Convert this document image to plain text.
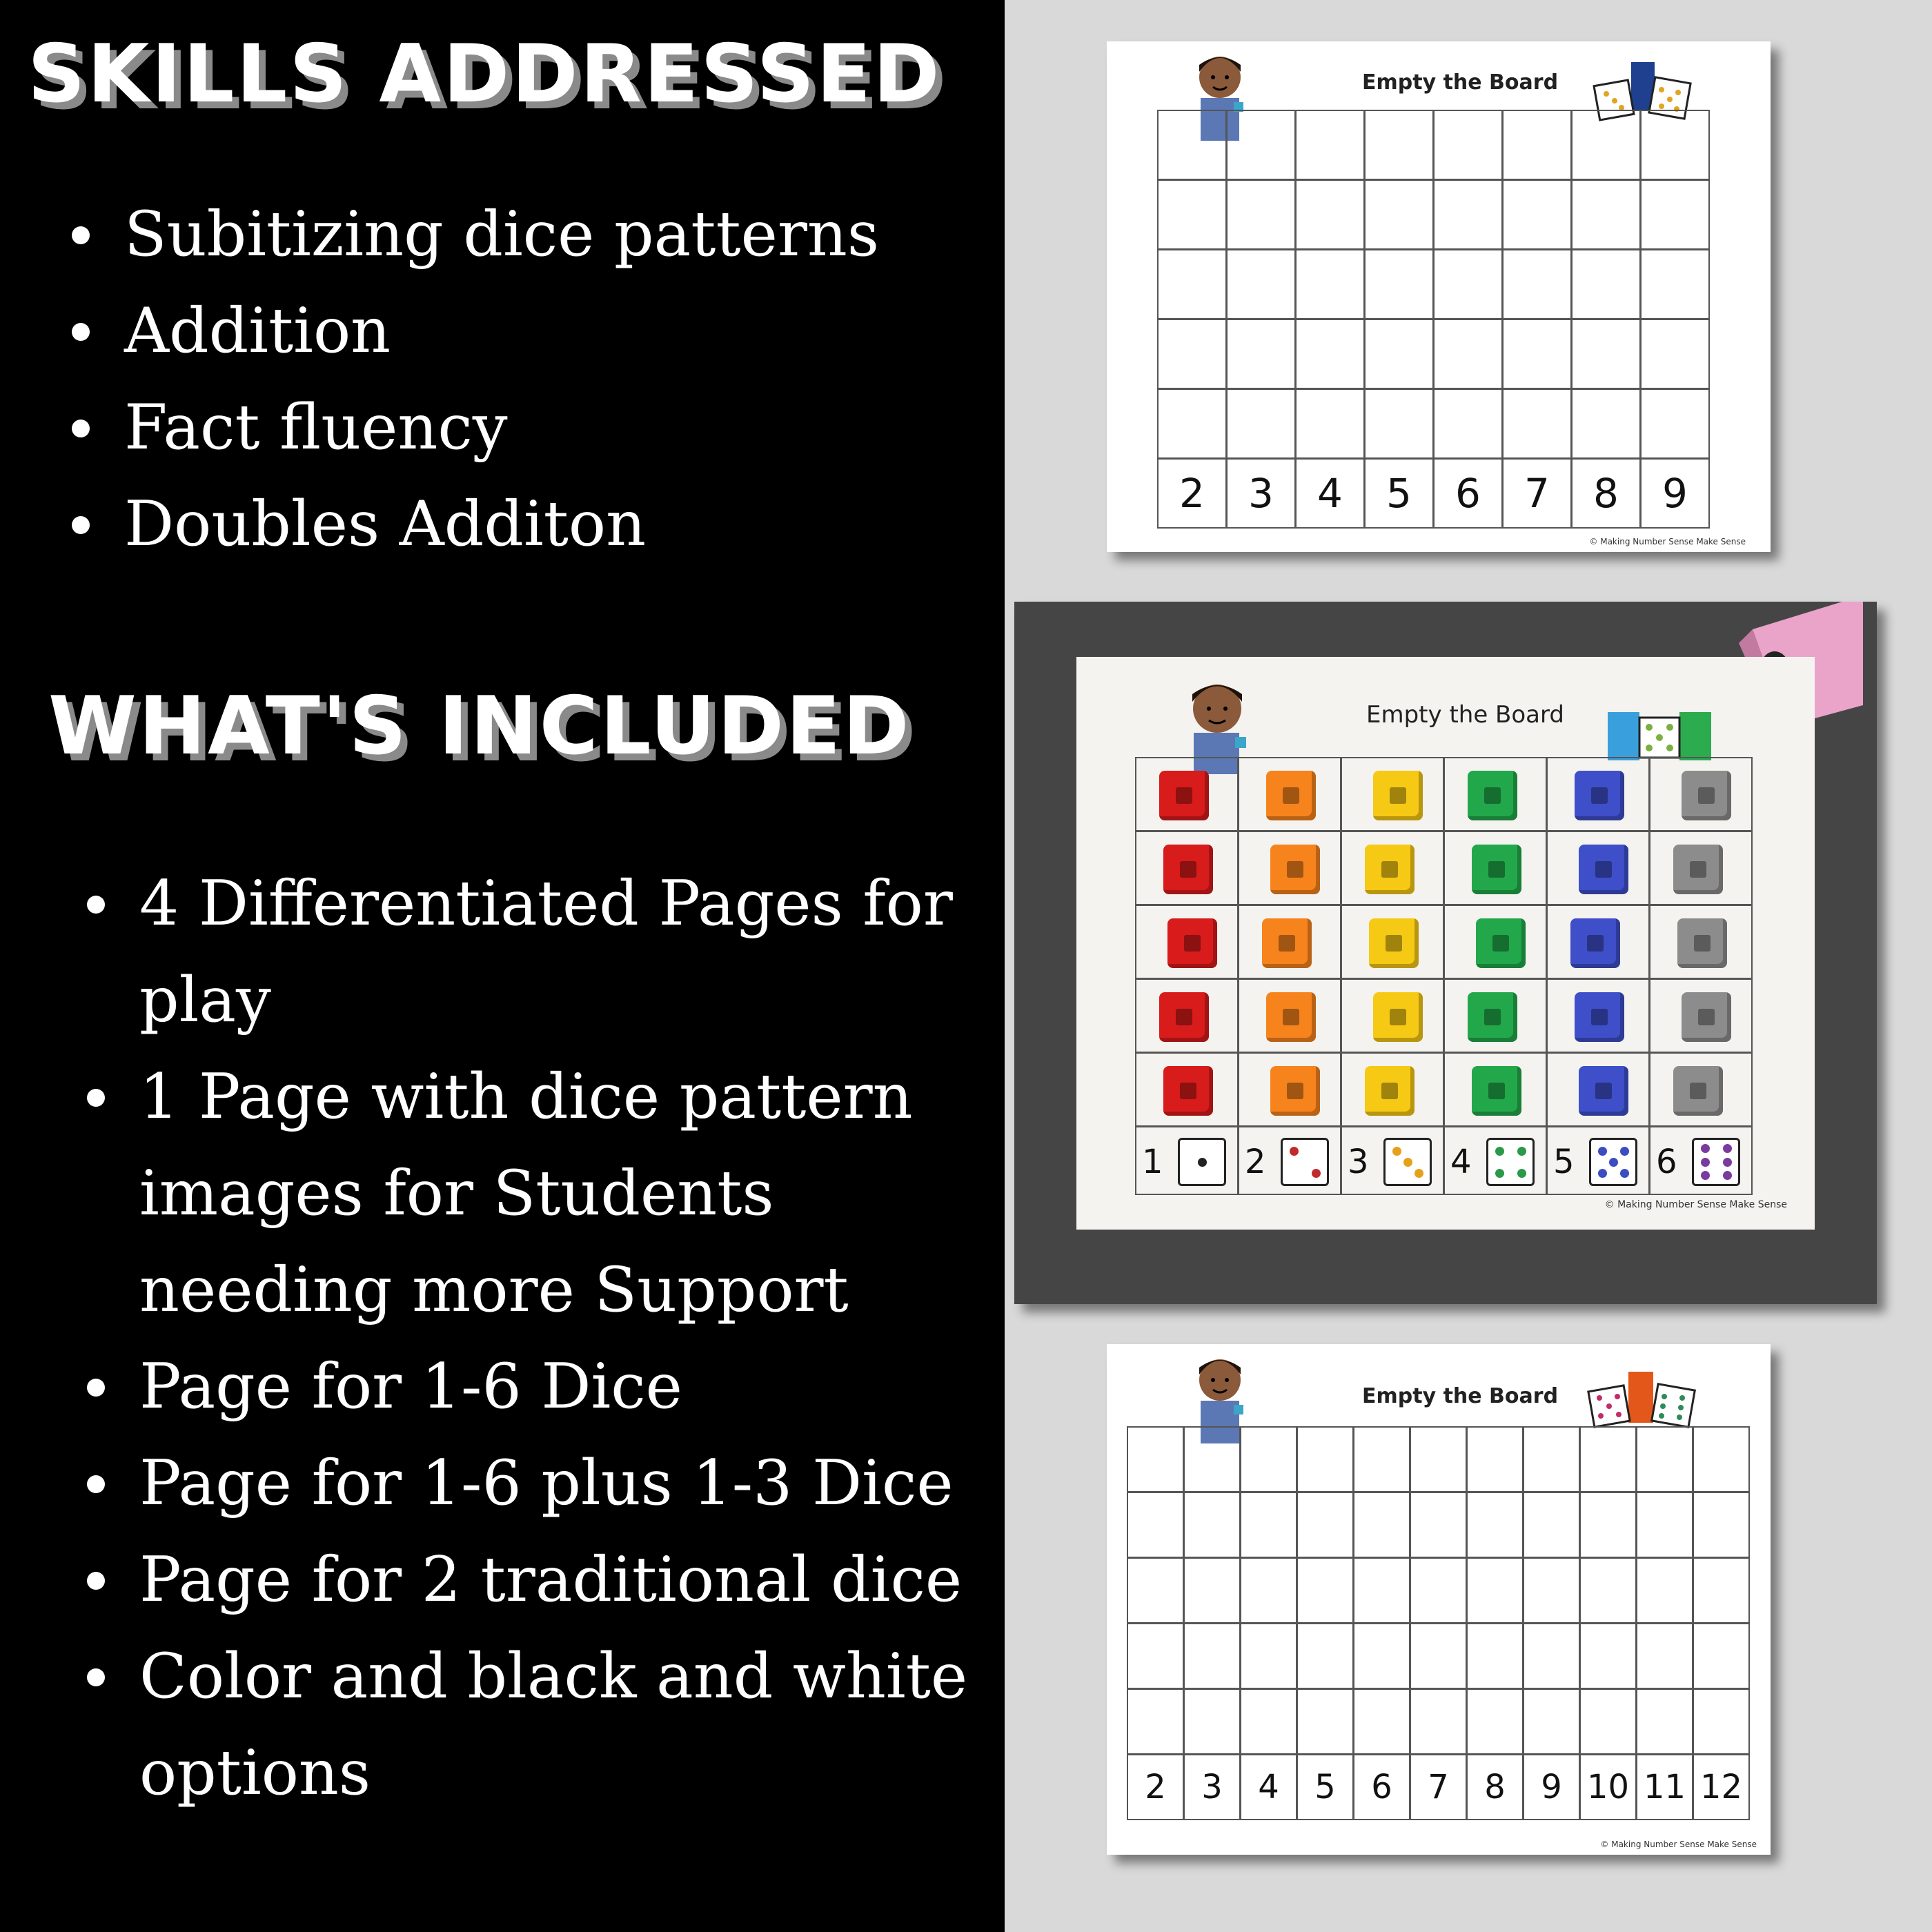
SKILLS ADDRESSED
Subitizing dice patterns
Addition
Fact fluency
Doubles Additon
WHAT'S INCLUDED
4 Differentiated Pages for play
1 Page with dice pattern images for Students needing more Support
Page for 1-6 Dice
Page for 1-6 plus 1-3 Dice
Page for 2 traditional dice
Color and black and white options
Empty the Board
2	3	4	5	6	7	8	9
© Making Number Sense Make Sense
Empty the Board
1 2 3 4 5 6
© Making Number Sense Make Sense
Empty the Board
2	3	4	5	6	7	8	9 10 11 12
© Making Number Sense Make Sense
